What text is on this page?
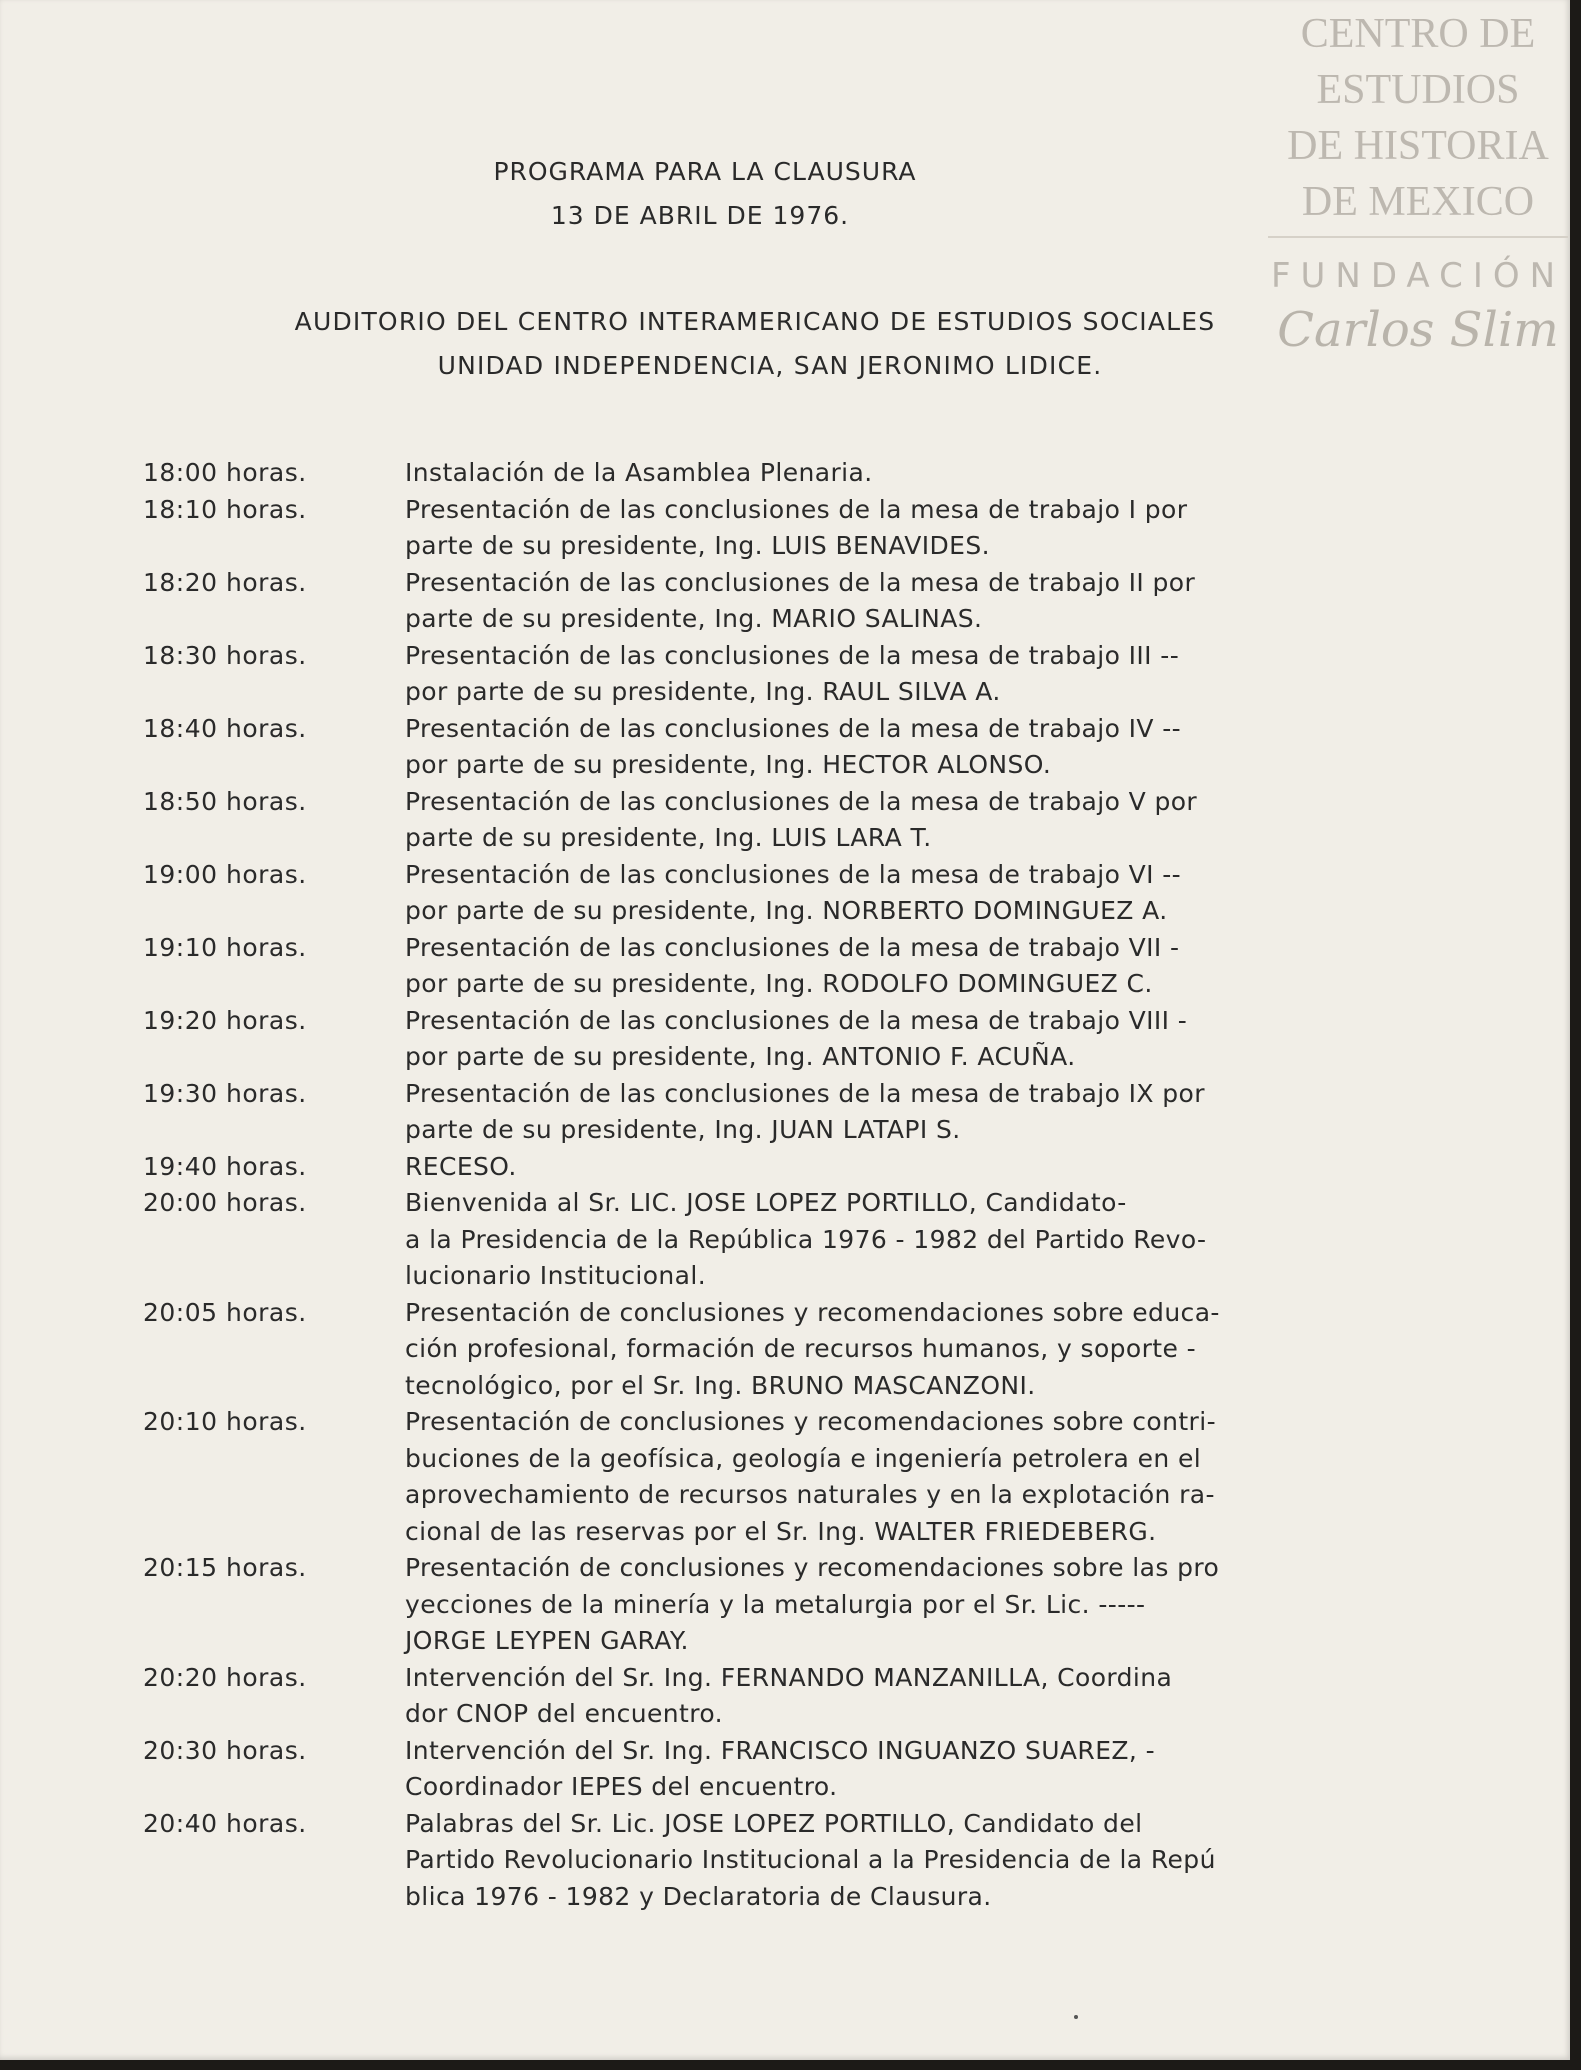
PROGRAMA PARA LA CLAUSURA
13 DE ABRIL DE 1976.
AUDITORIO DEL CENTRO INTERAMERICANO DE ESTUDIOS SOCIALES
UNIDAD INDEPENDENCIA, SAN JERONIMO LIDICE.
CENTRO DE
ESTUDIOS
DE HISTORIA
DE MEXICO
FUNDACIÓN
Carlos Slim
18:00 horas.	Instalación de la Asamblea Plenaria.
18:10 horas.	Presentación de las conclusiones de la mesa de trabajo I por
parte de su presidente, Ing. LUIS BENAVIDES.
18:20 horas.	Presentación de las conclusiones de la mesa de trabajo II por
parte de su presidente, Ing. MARIO SALINAS.
18:30 horas.	Presentación de las conclusiones de la mesa de trabajo III --
por parte de su presidente, Ing. RAUL SILVA A.
18:40 horas.	Presentación de las conclusiones de la mesa de trabajo IV --
por parte de su presidente, Ing. HECTOR ALONSO.
18:50 horas.	Presentación de las conclusiones de la mesa de trabajo V por
parte de su presidente, Ing. LUIS LARA T.
19:00 horas.	Presentación de las conclusiones de la mesa de trabajo VI --
por parte de su presidente, Ing. NORBERTO DOMINGUEZ A.
19:10 horas.	Presentación de las conclusiones de la mesa de trabajo VII -
por parte de su presidente, Ing. RODOLFO DOMINGUEZ C.
19:20 horas.	Presentación de las conclusiones de la mesa de trabajo VIII -
por parte de su presidente, Ing. ANTONIO F. ACUÑA.
19:30 horas.	Presentación de las conclusiones de la mesa de trabajo IX por
parte de su presidente, Ing. JUAN LATAPI S.
19:40 horas.	RECESO.
20:00 horas.	Bienvenida al Sr. LIC. JOSE LOPEZ PORTILLO, Candidato-
a la Presidencia de la República 1976 - 1982 del Partido Revo-
lucionario Institucional.
20:05 horas.	Presentación de conclusiones y recomendaciones sobre educa-
ción profesional, formación de recursos humanos, y soporte -
tecnológico, por el Sr. Ing. BRUNO MASCANZONI.
20:10 horas.	Presentación de conclusiones y recomendaciones sobre contri-
buciones de la geofísica, geología e ingeniería petrolera en el
aprovechamiento de recursos naturales y en la explotación ra-
cional de las reservas por el Sr. Ing. WALTER FRIEDEBERG.
20:15 horas.	Presentación de conclusiones y recomendaciones sobre las pro
yecciones de la minería y la metalurgia por el Sr. Lic. -----
JORGE LEYPEN GARAY.
20:20 horas.	Intervención del Sr. Ing. FERNANDO MANZANILLA, Coordina
dor CNOP del encuentro.
20:30 horas.	Intervención del Sr. Ing. FRANCISCO INGUANZO SUAREZ, -
Coordinador IEPES del encuentro.
20:40 horas.	Palabras del Sr. Lic. JOSE LOPEZ PORTILLO, Candidato del
Partido Revolucionario Institucional a la Presidencia de la Repú
blica 1976 - 1982 y Declaratoria de Clausura.
